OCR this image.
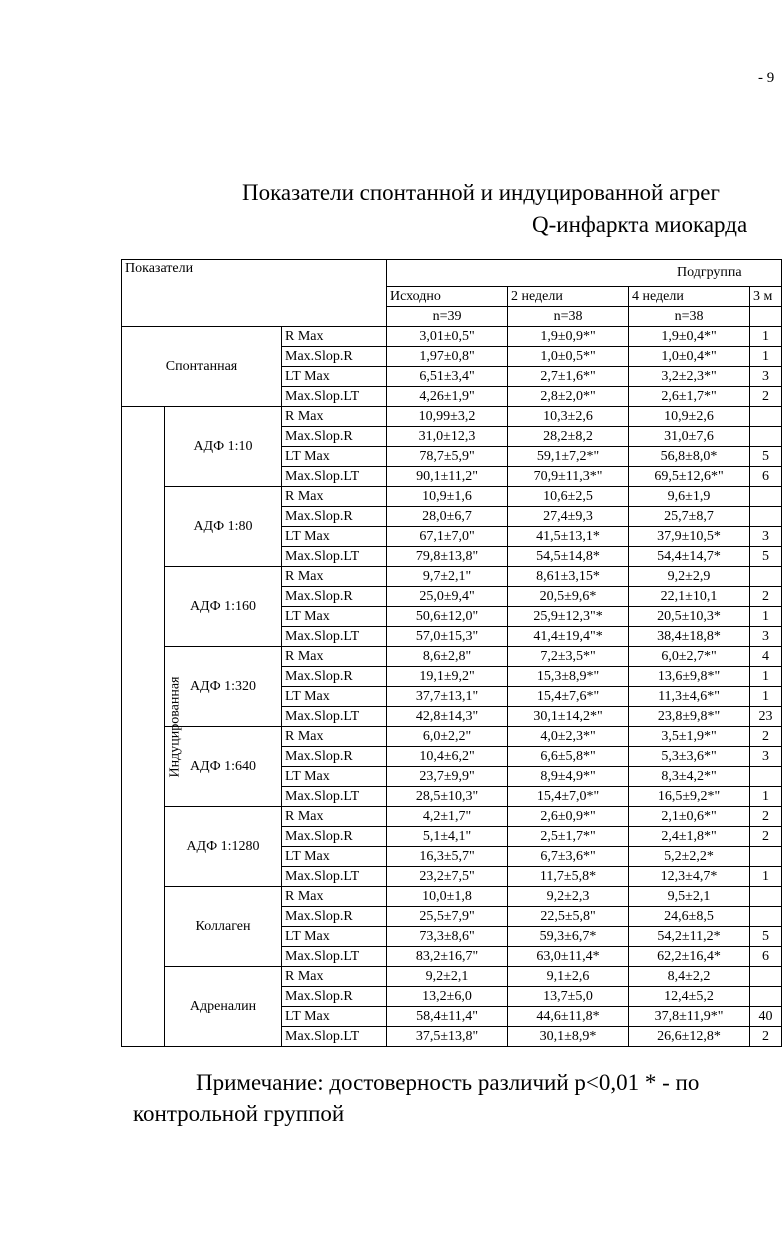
- 9
Показатели спонтанной и индуцированной агрег
Q-инфаркта миокарда
Показатели			Подгруппа			
			Исходно	2 недели	4 недели	3 м
			n=39	n=38	n=38	
Спонтанная		R Max	3,01±0,5"	1,9±0,9*"	1,9±0,4*"	1
		Max.Slop.R	1,97±0,8"	1,0±0,5*"	1,0±0,4*"	1
		LT Max	6,51±3,4"	2,7±1,6*"	3,2±2,3*"	3
		Max.Slop.LT	4,26±1,9"	2,8±2,0*"	2,6±1,7*"	2
Индуцированная	АДФ 1:10	R Max	10,99±3,2	10,3±2,6	10,9±2,6	
		Max.Slop.R	31,0±12,3	28,2±8,2	31,0±7,6	
		LT Max	78,7±5,9"	59,1±7,2*"	56,8±8,0*	5
		Max.Slop.LT	90,1±11,2"	70,9±11,3*"	69,5±12,6*"	6
	АДФ 1:80	R Max	10,9±1,6	10,6±2,5	9,6±1,9	
		Max.Slop.R	28,0±6,7	27,4±9,3	25,7±8,7	
		LT Max	67,1±7,0"	41,5±13,1*	37,9±10,5*	3
		Max.Slop.LT	79,8±13,8"	54,5±14,8*	54,4±14,7*	5
	АДФ 1:160	R Max	9,7±2,1"	8,61±3,15*	9,2±2,9	
		Max.Slop.R	25,0±9,4"	20,5±9,6*	22,1±10,1	2
		LT Max	50,6±12,0"	25,9±12,3"*	20,5±10,3*	1
		Max.Slop.LT	57,0±15,3"	41,4±19,4"*	38,4±18,8*	3
	АДФ 1:320	R Max	8,6±2,8"	7,2±3,5*"	6,0±2,7*"	4
		Max.Slop.R	19,1±9,2"	15,3±8,9*"	13,6±9,8*"	1
		LT Max	37,7±13,1"	15,4±7,6*"	11,3±4,6*"	1
		Max.Slop.LT	42,8±14,3"	30,1±14,2*"	23,8±9,8*"	23
	АДФ 1:640	R Max	6,0±2,2"	4,0±2,3*"	3,5±1,9*"	2
		Max.Slop.R	10,4±6,2"	6,6±5,8*"	5,3±3,6*"	3
		LT Max	23,7±9,9"	8,9±4,9*"	8,3±4,2*"	
		Max.Slop.LT	28,5±10,3"	15,4±7,0*"	16,5±9,2*"	1
	АДФ 1:1280	R Max	4,2±1,7"	2,6±0,9*"	2,1±0,6*"	2
		Max.Slop.R	5,1±4,1"	2,5±1,7*"	2,4±1,8*"	2
		LT Max	16,3±5,7"	6,7±3,6*"	5,2±2,2*	
		Max.Slop.LT	23,2±7,5"	11,7±5,8*	12,3±4,7*	1
	Коллаген	R Max	10,0±1,8	9,2±2,3	9,5±2,1	
		Max.Slop.R	25,5±7,9"	22,5±5,8"	24,6±8,5	
		LT Max	73,3±8,6"	59,3±6,7*	54,2±11,2*	5
		Max.Slop.LT	83,2±16,7"	63,0±11,4*	62,2±16,4*	6
	Адреналин	R Max	9,2±2,1	9,1±2,6	8,4±2,2	
		Max.Slop.R	13,2±6,0	13,7±5,0	12,4±5,2	
		LT Max	58,4±11,4"	44,6±11,8*	37,8±11,9*"	40
		Max.Slop.LT	37,5±13,8"	30,1±8,9*	26,6±12,8*	2
Примечание: достоверность различий p<0,01 * - по
контрольной группой
